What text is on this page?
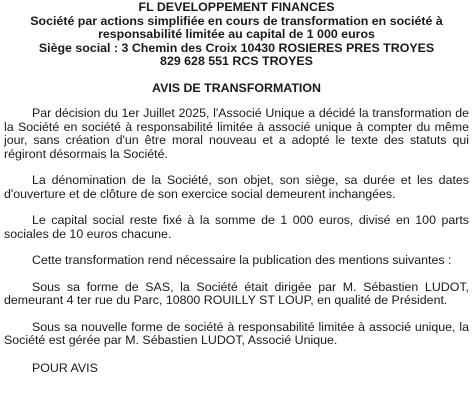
FL DEVELOPPEMENT FINANCES
Société par actions simplifiée en cours de transformation en société à
responsabilité limitée au capital de 1 000 euros
Siège social : 3 Chemin des Croix 10430 ROSIERES PRES TROYES
829 628 551 RCS TROYES
AVIS DE TRANSFORMATION

Par décision du 1er Juillet 2025, l'Associé Unique a décidé la transformation de la Société en société à responsabilité limitée à associé unique à compter du même jour, sans création d'un être moral nouveau et a adopté le texte des statuts qui régiront désormais la Société.

La dénomination de la Société, son objet, son siège, sa durée et les dates d'ouverture et de clôture de son exercice social demeurent inchangées.

Le capital social reste fixé à la somme de 1 000 euros, divisé en 100 parts sociales de 10 euros chacune.

Cette transformation rend nécessaire la publication des mentions suivantes :

Sous sa forme de SAS, la Société était dirigée par M. Sébastien LUDOT, demeurant 4 ter rue du Parc, 10800 ROUILLY ST LOUP, en qualité de Président.

Sous sa nouvelle forme de société à responsabilité limitée à associé unique, la Société est gérée par M. Sébastien LUDOT, Associé Unique.

POUR AVIS
